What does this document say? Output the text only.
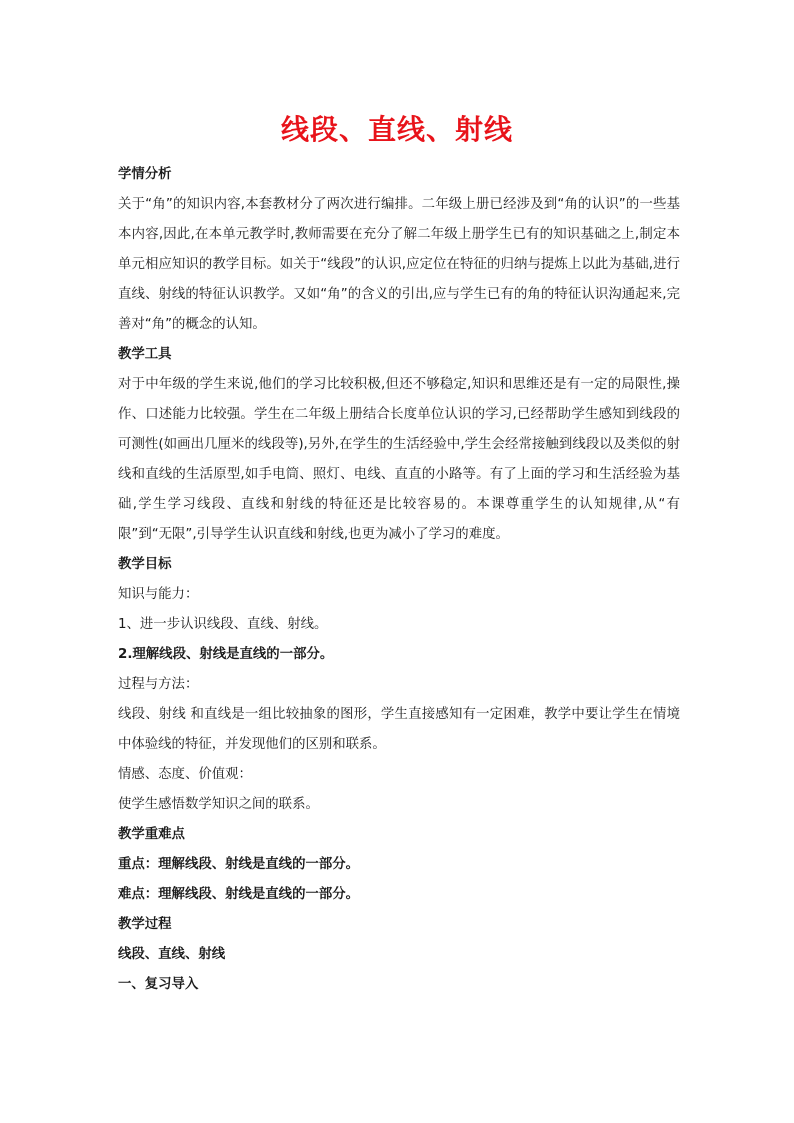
线段、直线、射线

学情分析

关于“角”的知识内容,本套教材分了两次进行编排。二年级上册已经涉及到“角的认识”的一些基本内容,因此,在本单元教学时,教师需要在充分了解二年级上册学生已有的知识基础之上,制定本单元相应知识的教学目标。如关于“线段”的认识,应定位在特征的归纳与提炼上以此为基础,进行直线、射线的特征认识教学。又如“角”的含义的引出,应与学生已有的角的特征认识沟通起来,完善对“角”的概念的认知。

教学工具

对于中年级的学生来说,他们的学习比较积极,但还不够稳定,知识和思维还是有一定的局限性,操作、口述能力比较强。学生在二年级上册结合长度单位认识的学习,已经帮助学生感知到线段的可测性(如画出几厘米的线段等),另外,在学生的生活经验中,学生会经常接触到线段以及类似的射线和直线的生活原型,如手电筒、照灯、电线、直直的小路等。有了上面的学习和生活经验为基础,学生学习线段、直线和射线的特征还是比较容易的。本课尊重学生的认知规律,从“有限”到“无限”,引导学生认识直线和射线,也更为减小了学习的难度。

教学目标

知识与能力：

1、进一步认识线段、直线、射线。

2.理解线段、射线是直线的一部分。

过程与方法：

线段、射线 和直线是一组比较抽象的图形，学生直接感知有一定困难，教学中要让学生在情境中体验线的特征，并发现他们的区别和联系。

情感、态度、价值观：

使学生感悟数学知识之间的联系。

教学重难点

重点：理解线段、射线是直线的一部分。

难点：理解线段、射线是直线的一部分。

教学过程

线段、直线、射线

一、复习导入
